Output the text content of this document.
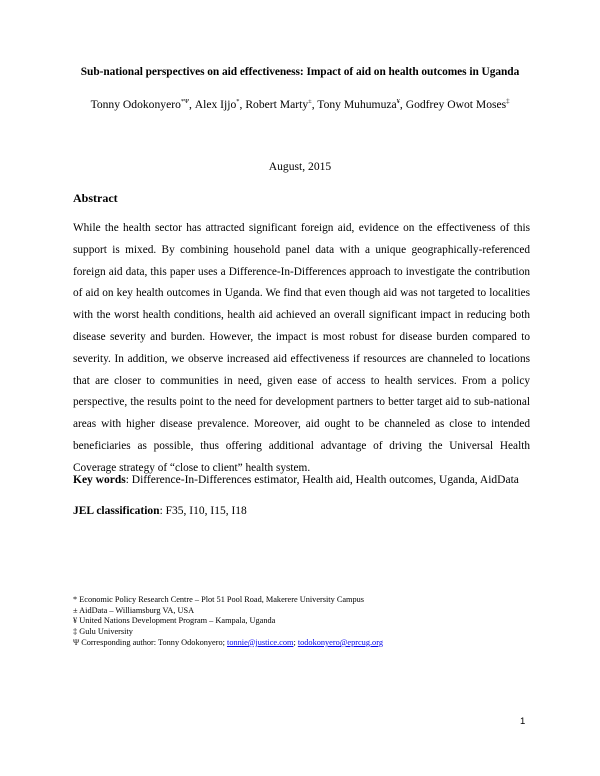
Sub-national perspectives on aid effectiveness: Impact of aid on health outcomes in Uganda
Tonny Odokonyero$^{*\Psi}$, Alex Ijjo*, Robert Marty±, Tony Muhumuza¥, Godfrey Owot Moses‡
August, 2015
Abstract
While the health sector has attracted significant foreign aid, evidence on the effectiveness of this support is mixed. By combining household panel data with a unique geographically-referenced foreign aid data, this paper uses a Difference-In-Differences approach to investigate the contribution of aid on key health outcomes in Uganda. We find that even though aid was not targeted to localities with the worst health conditions, health aid achieved an overall significant impact in reducing both disease severity and burden. However, the impact is most robust for disease burden compared to severity. In addition, we observe increased aid effectiveness if resources are channeled to locations that are closer to communities in need, given ease of access to health services. From a policy perspective, the results point to the need for development partners to better target aid to sub-national areas with higher disease prevalence. Moreover, aid ought to be channeled as close to intended beneficiaries as possible, thus offering additional advantage of driving the Universal Health Coverage strategy of “close to client” health system.
Key words: Difference-In-Differences estimator, Health aid, Health outcomes, Uganda, AidData
JEL classification: F35, I10, I15, I18
* Economic Policy Research Centre – Plot 51 Pool Road, Makerere University Campus
± AidData – Williamsburg VA, USA
¥ United Nations Development Program – Kampala, Uganda
‡ Gulu University
Ψ Corresponding author: Tonny Odokonyero; tonnie@justice.com; todokonyero@eprcug.org
1
